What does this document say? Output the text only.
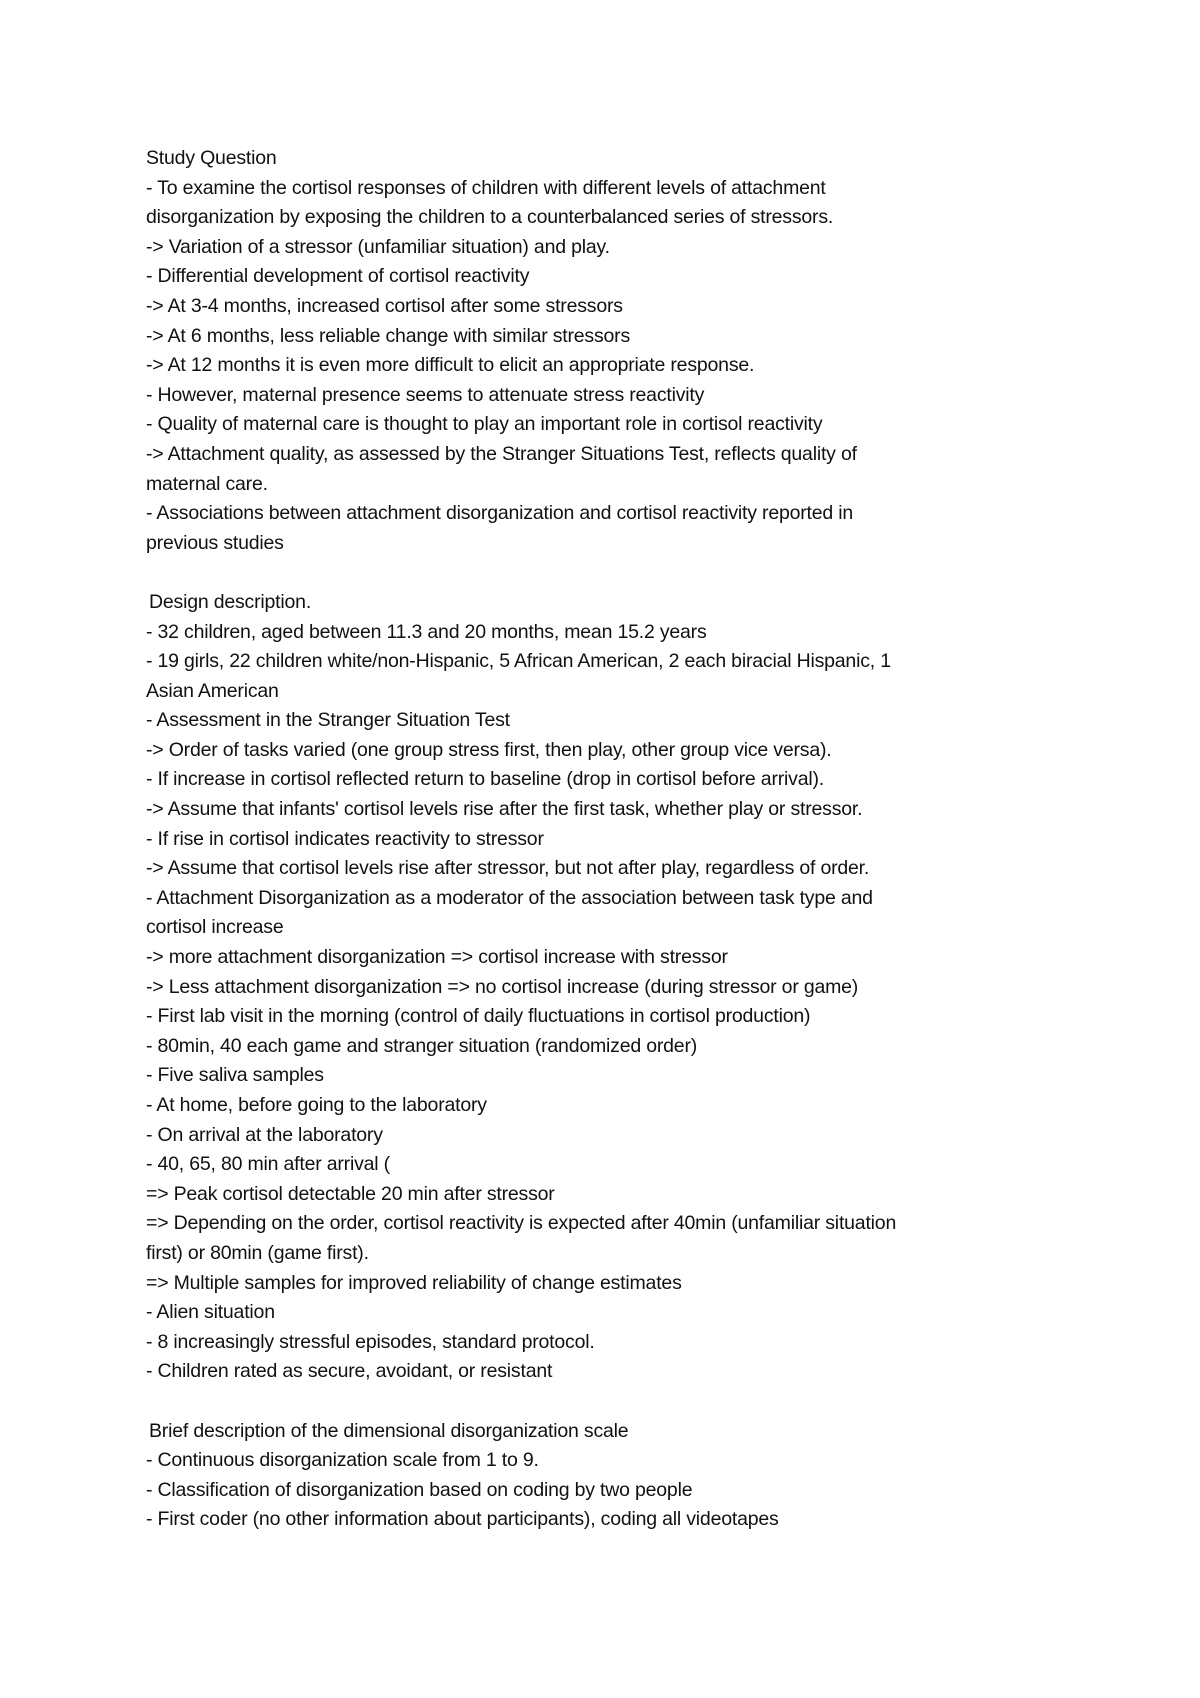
Study Question
- To examine the cortisol responses of children with different levels of attachment
disorganization by exposing the children to a counterbalanced series of stressors.
-> Variation of a stressor (unfamiliar situation) and play.
- Differential development of cortisol reactivity
-> At 3-4 months, increased cortisol after some stressors
-> At 6 months, less reliable change with similar stressors
-> At 12 months it is even more difficult to elicit an appropriate response.
- However, maternal presence seems to attenuate stress reactivity
- Quality of maternal care is thought to play an important role in cortisol reactivity
-> Attachment quality, as assessed by the Stranger Situations Test, reflects quality of
maternal care.
- Associations between attachment disorganization and cortisol reactivity reported in
previous studies
Design description.
- 32 children, aged between 11.3 and 20 months, mean 15.2 years
- 19 girls, 22 children white/non-Hispanic, 5 African American, 2 each biracial Hispanic, 1
Asian American
- Assessment in the Stranger Situation Test
-> Order of tasks varied (one group stress first, then play, other group vice versa).
- If increase in cortisol reflected return to baseline (drop in cortisol before arrival).
-> Assume that infants' cortisol levels rise after the first task, whether play or stressor.
- If rise in cortisol indicates reactivity to stressor
-> Assume that cortisol levels rise after stressor, but not after play, regardless of order.
- Attachment Disorganization as a moderator of the association between task type and
cortisol increase
-> more attachment disorganization => cortisol increase with stressor
-> Less attachment disorganization => no cortisol increase (during stressor or game)
- First lab visit in the morning (control of daily fluctuations in cortisol production)
- 80min, 40 each game and stranger situation (randomized order)
- Five saliva samples
- At home, before going to the laboratory
- On arrival at the laboratory
- 40, 65, 80 min after arrival (
=> Peak cortisol detectable 20 min after stressor
=> Depending on the order, cortisol reactivity is expected after 40min (unfamiliar situation
first) or 80min (game first).
=> Multiple samples for improved reliability of change estimates
- Alien situation
- 8 increasingly stressful episodes, standard protocol.
- Children rated as secure, avoidant, or resistant
Brief description of the dimensional disorganization scale
- Continuous disorganization scale from 1 to 9.
- Classification of disorganization based on coding by two people
- First coder (no other information about participants), coding all videotapes
